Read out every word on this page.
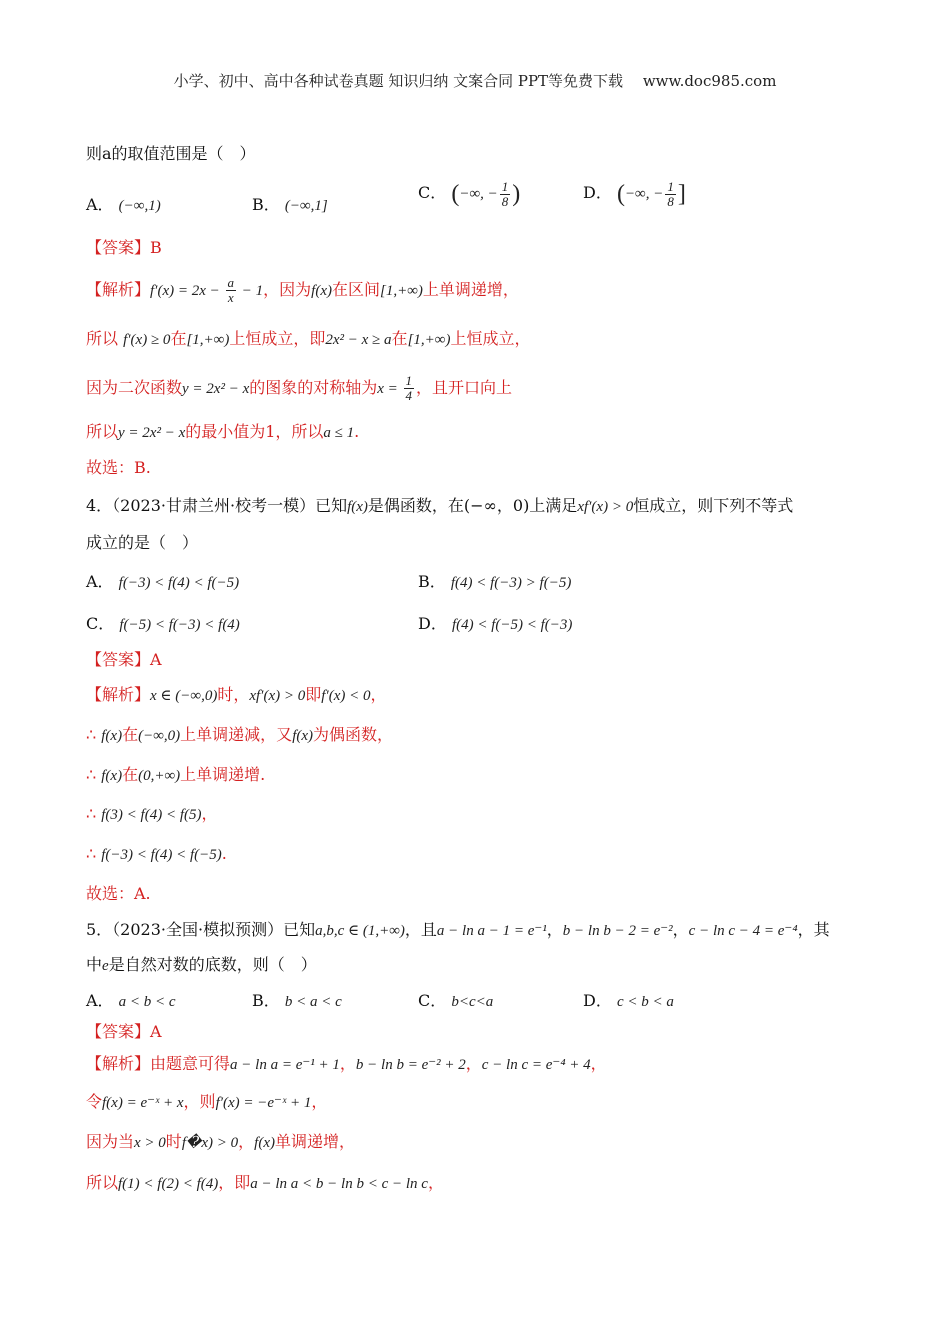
小学、初中、高中各种试卷真题 知识归纳 文案合同 PPT等免费下载　 www.doc985.com
则a的取值范围是（　）
A． (−∞,1)	B． (−∞,1]
C． (−∞, − $\frac{1}{8}$ )	D． (−∞, − $\frac{1}{8}$ ]
【答案】B
【解析】$f'(x) = 2x - \frac{a}{x} - 1$，因为f(x)在区间[1,+∞)上单调递增，
所以 f′(x) ≥ 0在[1,+∞)上恒成立，即2x² − x ≥ a在[1,+∞)上恒成立，
因为二次函数y = 2x² − x的图象的对称轴为$x = \frac{1}{4}$ ，且开口向上
所以y = 2x² − x的最小值为1，所以a ≤ 1.
故选：B.
4．（2023·甘肃兰州·校考一模）已知f(x)是偶函数，在(−∞，0)上满足xf′(x) > 0恒成立，则下列不等式
成立的是（　）
A． f(−3) < f(4) < f(−5)	B． f(4) < f(−3) > f(−5)
C． f(−5) < f(−3) < f(4)	D． f(4) < f(−5) < f(−3)
【答案】A
【解析】x ∈ (−∞,0)时，xf′(x) > 0即f′(x) < 0，
∴ f(x)在(−∞,0)上单调递减，又f(x)为偶函数，
∴ f(x)在(0,+∞)上单调递增.
∴ f(3) < f(4) < f(5)，
∴ f(−3) < f(4) < f(−5).
故选：A.
5．（2023·全国·模拟预测）已知a,b,c ∈ (1,+∞)，且a − ln a − 1 = e⁻¹，b − ln b − 2 = e⁻²，c − ln c − 4 = e⁻⁴，其
中e是自然对数的底数，则（　）
A． a < b < c	B． b < a < c	C． b<c<a	D． c < b < a
【答案】A
【解析】由题意可得a − ln a = e⁻¹ + 1，b − ln b = e⁻² + 2，c − ln c = e⁻⁴ + 4，
令f(x) = e⁻ˣ + x，则f′(x) = −e⁻ˣ + 1，
因为当x > 0时f�x) > 0，f(x)单调递增，
所以f(1) < f(2) < f(4)，即a − ln a < b − ln b < c − ln c，
